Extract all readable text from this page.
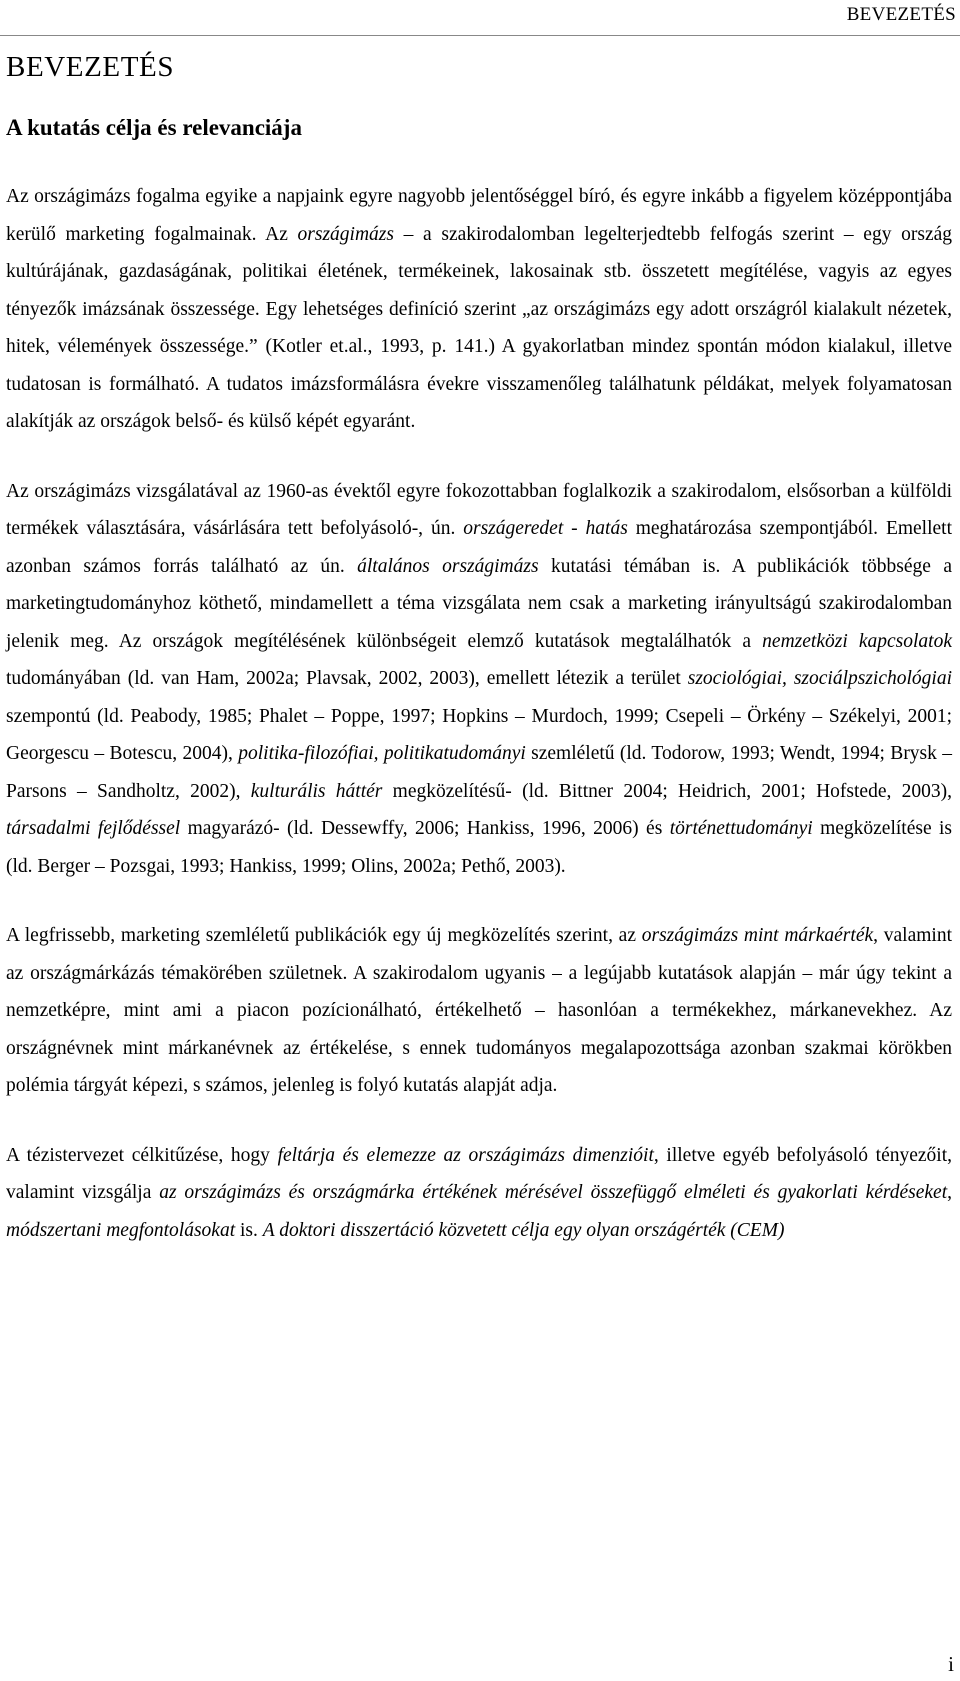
BEVEZETÉS
BEVEZETÉS
A kutatás célja és relevanciája

Az országimázs fogalma egyike a napjaink egyre nagyobb jelentőséggel bíró, és egyre inkább a figyelem középpontjába kerülő marketing fogalmainak. Az országimázs – a szakirodalomban legelterjedtebb felfogás szerint – egy ország kultúrájának, gazdaságának, politikai életének, termékeinek, lakosainak stb. összetett megítélése, vagyis az egyes tényezők imázsának összessége. Egy lehetséges definíció szerint „az országimázs egy adott országról kialakult nézetek, hitek, vélemények összessége.” (Kotler et.al., 1993, p. 141.) A gyakorlatban mindez spontán módon kialakul, illetve tudatosan is formálható. A tudatos imázsformálásra évekre visszamenőleg találhatunk példákat, melyek folyamatosan alakítják az országok belső- és külső képét egyaránt.

Az országimázs vizsgálatával az 1960-as évektől egyre fokozottabban foglalkozik a szakirodalom, elsősorban a külföldi termékek választására, vásárlására tett befolyásoló-, ún. országeredet - hatás meghatározása szempontjából. Emellett azonban számos forrás található az ún. általános országimázs kutatási témában is. A publikációk többsége a marketingtudományhoz köthető, mindamellett a téma vizsgálata nem csak a marketing irányultságú szakirodalomban jelenik meg. Az országok megítélésének különbségeit elemző kutatások megtalálhatók a nemzetközi kapcsolatok tudományában (ld. van Ham, 2002a; Plavsak, 2002, 2003), emellett létezik a terület szociológiai, szociálpszichológiai szempontú (ld. Peabody, 1985; Phalet – Poppe, 1997; Hopkins – Murdoch, 1999; Csepeli – Örkény – Székelyi, 2001; Georgescu – Botescu, 2004), politika-filozófiai, politikatudományi szemléletű (ld. Todorow, 1993; Wendt, 1994; Brysk – Parsons – Sandholtz, 2002), kulturális háttér megközelítésű- (ld. Bittner 2004; Heidrich, 2001; Hofstede, 2003), társadalmi fejlődéssel magyarázó- (ld. Dessewffy, 2006; Hankiss, 1996, 2006) és történettudományi megközelítése is (ld. Berger – Pozsgai, 1993; Hankiss, 1999; Olins, 2002a; Pethő, 2003).

A legfrissebb, marketing szemléletű publikációk egy új megközelítés szerint, az országimázs mint márkaérték, valamint az országmárkázás témakörében születnek. A szakirodalom ugyanis – a legújabb kutatások alapján – már úgy tekint a nemzetképre, mint ami a piacon pozícionálható, értékelhető – hasonlóan a termékekhez, márkanevekhez. Az országnévnek mint márkanévnek az értékelése, s ennek tudományos megalapozottsága azonban szakmai körökben polémia tárgyát képezi, s számos, jelenleg is folyó kutatás alapját adja.

A tézistervezet célkitűzése, hogy feltárja és elemezze az országimázs dimenzióit, illetve egyéb befolyásoló tényezőit, valamint vizsgálja az országimázs és országmárka értékének mérésével összefüggő elméleti és gyakorlati kérdéseket, módszertani megfontolásokat is. A doktori disszertáció közvetett célja egy olyan országérték (CEM)

i
